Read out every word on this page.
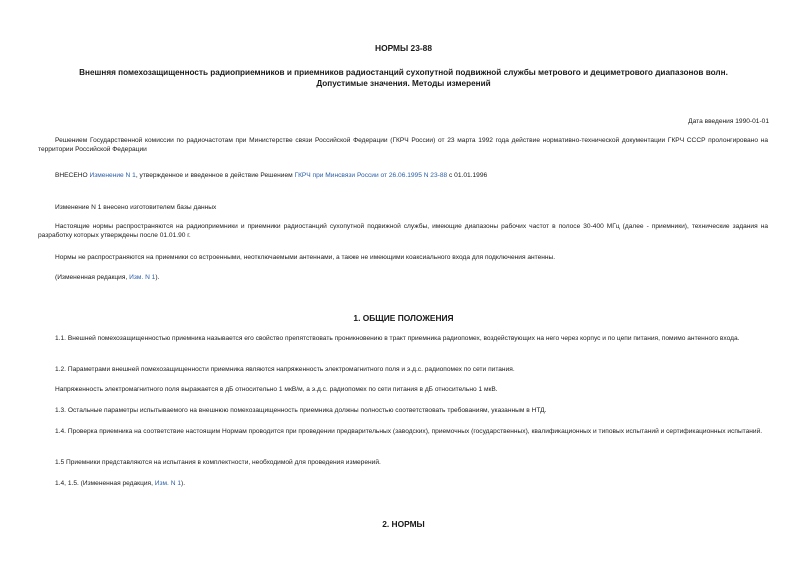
НОРМЫ 23-88
Внешняя помехозащищенность радиоприемников и приемников радиостанций сухопутной подвижной службы метрового и дециметрового диапазонов волн.
Допустимые значения. Методы измерений
Дата введения 1990-01-01
Решением Государственной комиссии по радиочастотам при Министерстве связи Российской Федерации (ГКРЧ России) от 23 марта 1992 года действие нормативно-технической документации ГКРЧ СССР пролонгировано на территории Российской Федерации
ВНЕСЕНО Изменение N 1, утвержденное и введенное в действие Решением ГКРЧ при Минсвязи России от 26.06.1995 N 23-88 с 01.01.1996
Изменение N 1 внесено изготовителем базы данных
Настоящие нормы распространяются на радиоприемники и приемники радиостанций сухопутной подвижной службы, имеющие диапазоны рабочих частот в полосе 30-400 МГц (далее - приемники), технические задания на разработку которых утверждены после 01.01.90 г.
Нормы не распространяются на приемники со встроенными, неотключаемыми антеннами, а также не имеющими коаксиального входа для подключения антенны.
(Измененная редакция, Изм. N 1).
1. ОБЩИЕ ПОЛОЖЕНИЯ
1.1. Внешней помехозащищенностью приемника называется его свойство препятствовать проникновению в тракт приемника радиопомех, воздействующих на него через корпус и по цепи питания, помимо антенного входа.
1.2. Параметрами внешней помехозащищенности приемника являются напряженность электромагнитного поля и э.д.с. радиопомех по сети питания.
Напряженность электромагнитного поля выражается в дБ относительно 1 мкВ/м, а э.д.с. радиопомех по сети питания в дБ относительно 1 мкВ.
1.3. Остальные параметры испытываемого на внешнюю помехозащищенность приемника должны полностью соответствовать требованиям, указанным в НТД.
1.4. Проверка приемника на соответствие настоящим Нормам проводится при проведении предварительных (заводских), приемочных (государственных), квалификационных и типовых испытаний и сертификационных испытаний.
1.5 Приемники представляются на испытания в комплектности, необходимой для проведения измерений.
1.4, 1.5. (Измененная редакция, Изм. N 1).
2. НОРМЫ
